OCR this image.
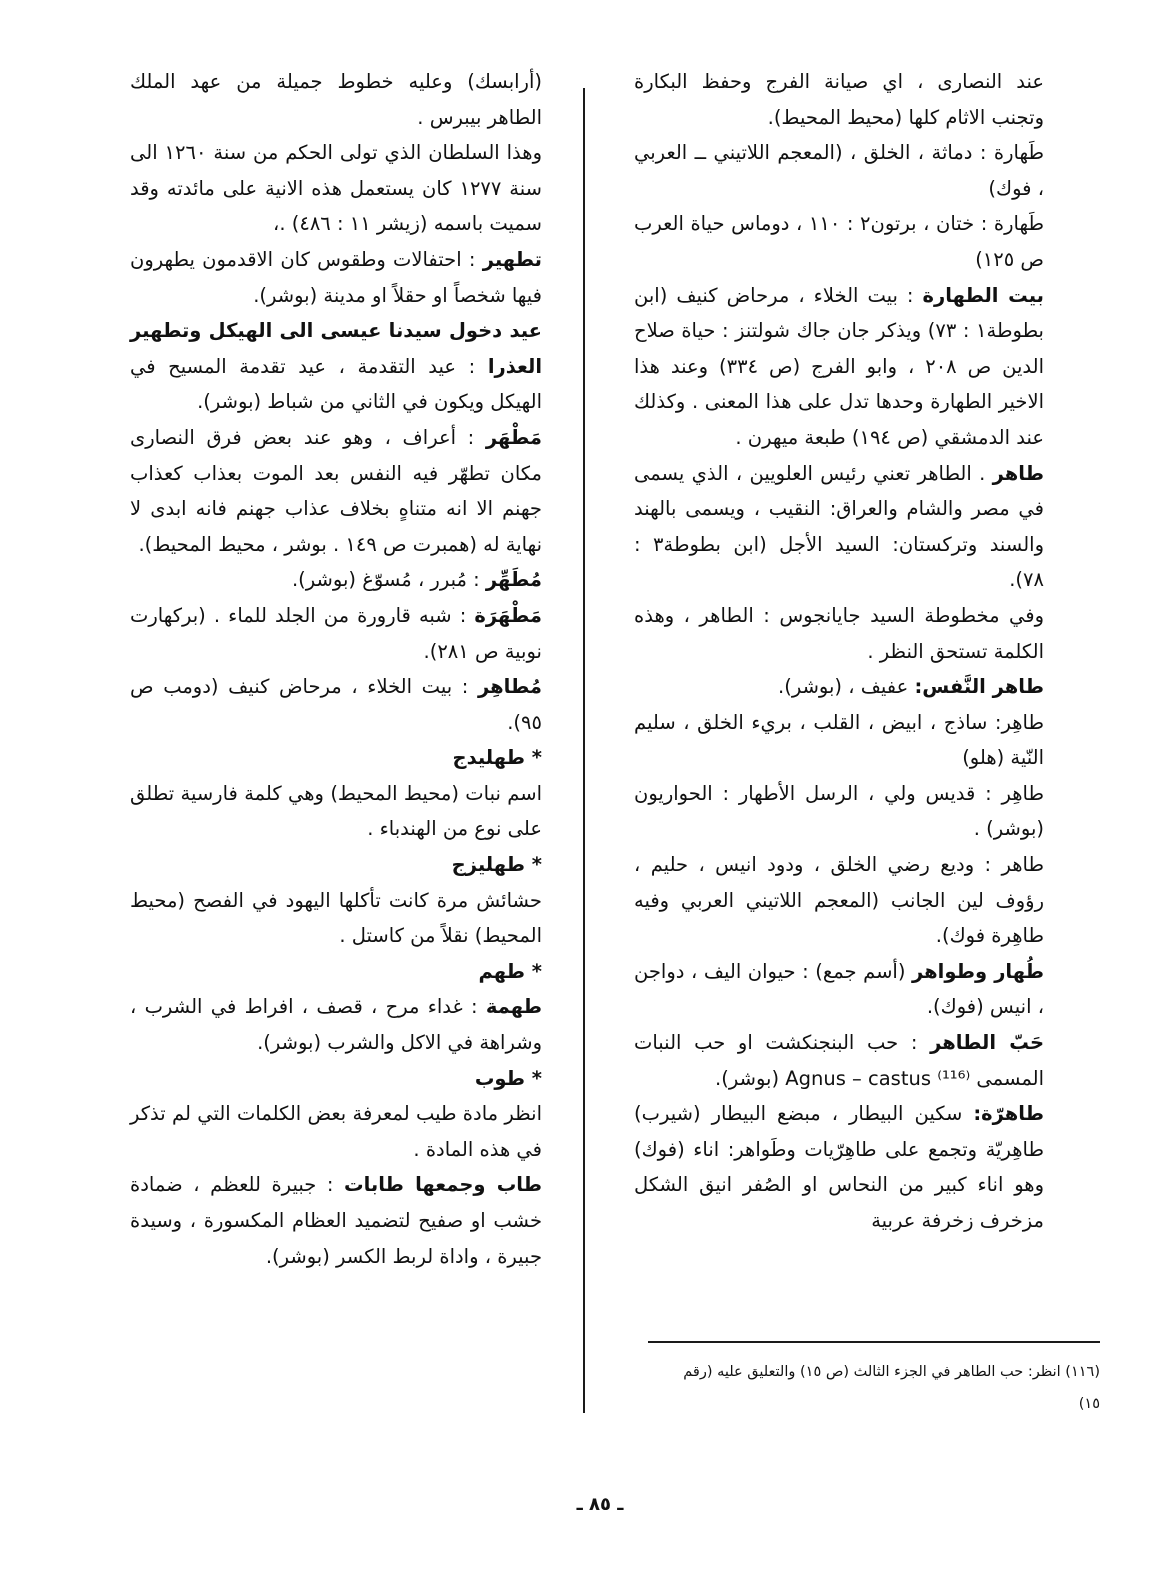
عند النصارى ، اي صيانة الفرج وحفظ البكارة وتجنب الاثام كلها (محيط المحيط).

طَهارة : دماثة ، الخلق ، (المعجم اللاتيني ــ العربي ، فوك)

طَهارة : ختان ، برتون٢ : ١١٠ ، دوماس حياة العرب ص ١٢٥)

بيت الطهارة : بيت الخلاء ، مرحاض كنيف (ابن بطوطة١ : ٧٣) ويذكر جان جاك شولتنز : حياة صلاح الدين ص ٢٠٨ ، وابو الفرج (ص ٣٣٤) وعند هذا الاخير الطهارة وحدها تدل على هذا المعنى . وكذلك عند الدمشقي (ص ١٩٤) طبعة ميهرن .

طاهر . الطاهر تعني رئيس العلويين ، الذي يسمى في مصر والشام والعراق: النقيب ، ويسمى بالهند والسند وتركستان: السيد الأجل (ابن بطوطة٣ : ٧٨).

وفي مخطوطة السيد جايانجوس : الطاهر ، وهذه الكلمة تستحق النظر .

طاهر النَّفس: عفيف ، (بوشر).

طاهِر: ساذج ، ابيض ، القلب ، بريء الخلق ، سليم النّية (هلو)

طاهِر : قديس ولي ، الرسل الأطهار : الحواريون (بوشر) .

طاهر : وديع رضي الخلق ، ودود انيس ، حليم ، رؤوف لين الجانب (المعجم اللاتيني العربي وفيه طاهِرة فوك).

طُهار وطواهر (أسم جمع) : حيوان اليف ، دواجن ، انيس (فوك).

حَبّ الطاهر : حب البنجنكشت او حب النبات المسمى Agnus – castus ⁽¹¹⁶⁾ (بوشر).

طاهرّة: سكين البيطار ، مبضع البيطار (شيرب) طاهِريّة وتجمع على طاهِرّيات وطَواهر: اناء (فوك) وهو اناء كبير من النحاس او الصُفر انيق الشكل مزخرف زخرفة عربية

(أرابسك) وعليه خطوط جميلة من عهد الملك الطاهر بيبرس .

وهذا السلطان الذي تولى الحكم من سنة ١٢٦٠ الى سنة ١٢٧٧ كان يستعمل هذه الانية على مائدته وقد سميت باسمه (زيشر ١١ : ٤٨٦) .،

تطهير : احتفالات وطقوس كان الاقدمون يطهرون فيها شخصاً او حقلاً او مدينة (بوشر).

عيد دخول سيدنا عيسى الى الهيكل وتطهير العذرا : عيد التقدمة ، عيد تقدمة المسيح في الهيكل ويكون في الثاني من شباط (بوشر).

مَطْهَر : أعراف ، وهو عند بعض فرق النصارى مكان تطهّر فيه النفس بعد الموت بعذاب كعذاب جهنم الا انه متناهٍ بخلاف عذاب جهنم فانه ابدى لا نهاية له (همبرت ص ١٤٩ . بوشر ، محيط المحيط).

مُطَهِّر : مُبرر ، مُسوّغ (بوشر).

مَطْهَرَة : شبه قارورة من الجلد للماء . (بركهارت نوبية ص ٢٨١).

مُطاهِر : بيت الخلاء ، مرحاض كنيف (دومب ص ٩٥).

* طهليدج

اسم نبات (محيط المحيط) وهي كلمة فارسية تطلق على نوع من الهندباء .

* طهليزج

حشائش مرة كانت تأكلها اليهود في الفصح (محيط المحيط) نقلاً من كاستل .

* طهم

طهمة : غداء مرح ، قصف ، افراط في الشرب ، وشراهة في الاكل والشرب (بوشر).

* طوب

انظر مادة طيب لمعرفة بعض الكلمات التي لم تذكر في هذه المادة .

طاب وجمعها طابات : جبيرة للعظم ، ضمادة خشب او صفيح لتضميد العظام المكسورة ، وسيدة جبيرة ، واداة لربط الكسر (بوشر).

(١١٦) انظر: حب الطاهر في الجزء الثالث (ص ١٥) والتعليق عليه (رقم ١٥)
ـ ٨٥ ـ
